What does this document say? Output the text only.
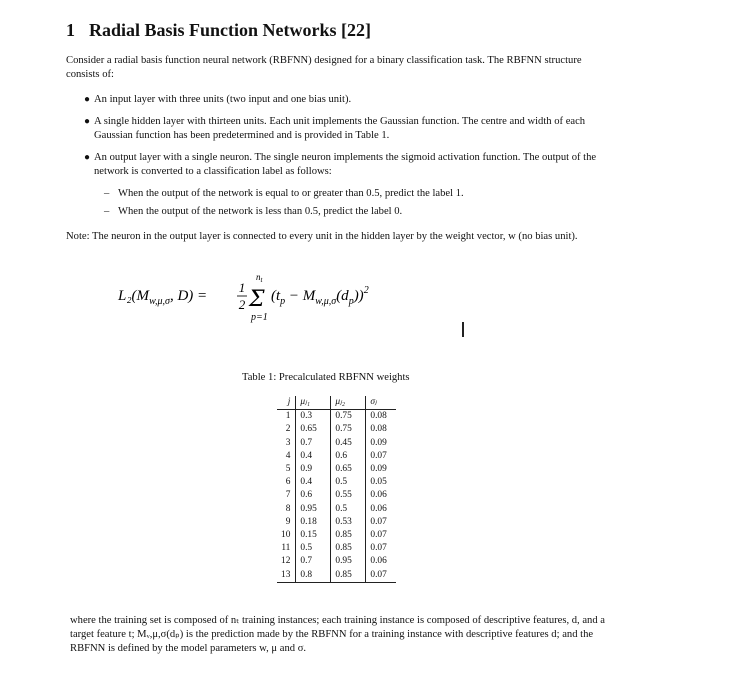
1 Radial Basis Function Networks [22]
Consider a radial basis function neural network (RBFNN) designed for a binary classification task. The RBFNN structure consists of:
● An input layer with three units (two input and one bias unit).
● A single hidden layer with thirteen units. Each unit implements the Gaussian function. The centre and width of each Gaussian function has been predetermined and is provided in Table 1.
● An output layer with a single neuron. The single neuron implements the sigmoid activation function. The output of the network is converted to a classification label as follows:
– When the output of the network is equal to or greater than 0.5, predict the label 1.
– When the output of the network is less than 0.5, predict the label 0.
Note: The neuron in the output layer is connected to every unit in the hidden layer by the weight vector, w (no bias unit).
$L_2(M_{w,\mu,\sigma}$, D) =
1
2 Σ
$n_t$
p=1
$(t_p - M_{w,\mu,\sigma}(d_p))^2$
Table 1: Precalculated RBFNN weights
j	μⱼ₁	μⱼ₂	σⱼ
1	0.3	0.75	0.08
2	0.65	0.75	0.08
3	0.7	0.45	0.09
4	0.4	0.6	0.07
5	0.9	0.65	0.09
6	0.4	0.5	0.05
7	0.6	0.55	0.06
8	0.95	0.5	0.06
9	0.18	0.53	0.07
10	0.15	0.85	0.07
11	0.5	0.85	0.07
12	0.7	0.95	0.06
13	0.8	0.85	0.07
where the training set is composed of nₜ training instances; each training instance is composed of descriptive features, d, and a target feature t; Mᵥ,μ,σ(dₚ) is the prediction made by the RBFNN for a training instance with descriptive features d; and the RBFNN is defined by the model parameters w, μ and σ.
